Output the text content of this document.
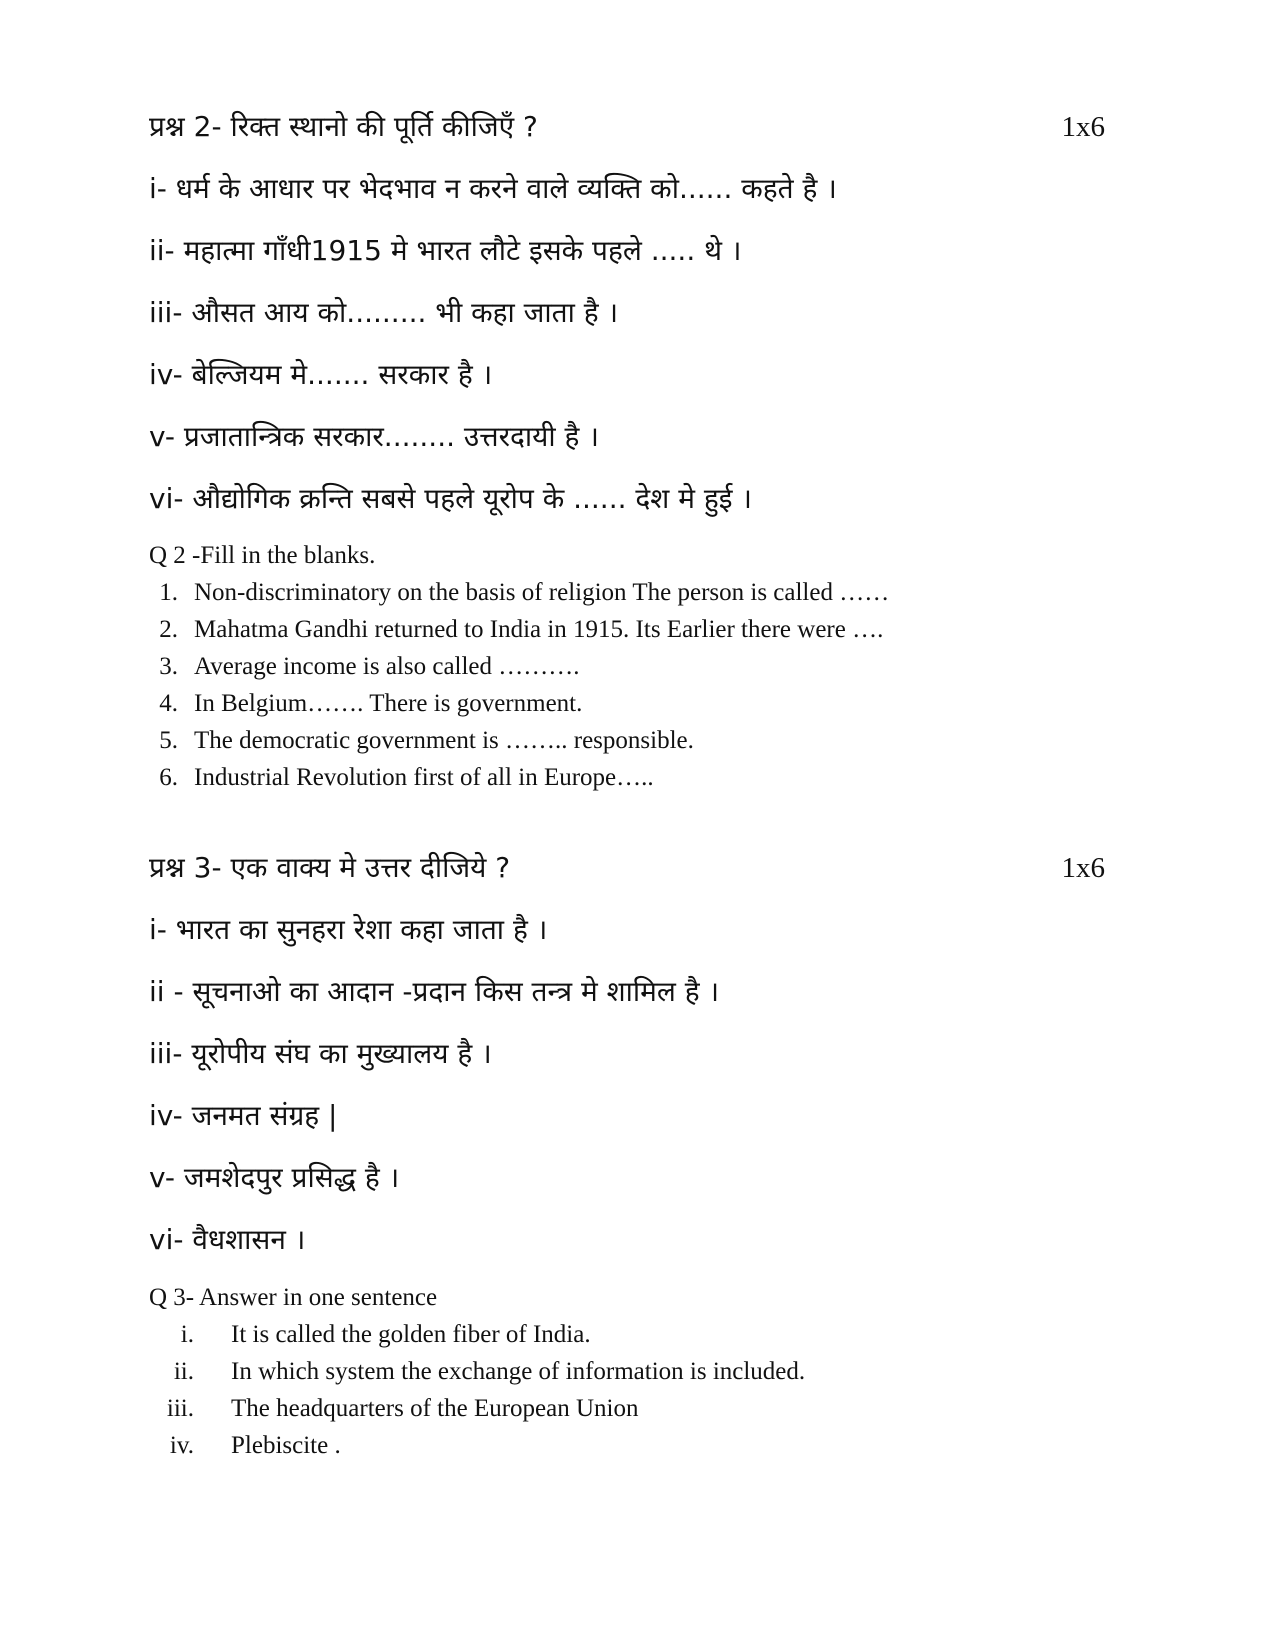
प्रश्न 2- रिक्त स्थानो की पूर्ति कीजिएँ ?	1x6
i- धर्म के आधार पर भेदभाव न करने वाले व्यक्ति को...... कहते है ।
ii- महात्मा गाँधी1915 मे भारत लौटे इसके पहले ..... थे ।
iii- औसत आय को......... भी कहा जाता है ।
iv- बेल्जियम मे....... सरकार है ।
v- प्रजातान्त्रिक सरकार........ उत्तरदायी है ।
vi- औद्योगिक क्रन्ति सबसे पहले यूरोप के ...... देश मे हुई ।
Q 2 -Fill in the blanks.
1. Non-discriminatory on the basis of religion The person is called ……
2. Mahatma Gandhi returned to India in 1915. Its Earlier there were ….
3. Average income is also called ……….
4. In Belgium……. There is government.
5. The democratic government is …….. responsible.
6. Industrial Revolution first of all in Europe…..
प्रश्न 3- एक वाक्य मे उत्तर दीजिये ?	1x6
i- भारत का सुनहरा रेशा कहा जाता है ।
ii - सूचनाओ का आदान -प्रदान किस तन्त्र मे शामिल है ।
iii- यूरोपीय संघ का मुख्यालय है ।
iv- जनमत संग्रह |
v- जमशेदपुर प्रसिद्ध है ।
vi- वैधशासन ।
Q 3- Answer in one sentence
i. It is called the golden fiber of India.
ii. In which system the exchange of information is included.
iii. The headquarters of the European Union
iv. Plebiscite .
